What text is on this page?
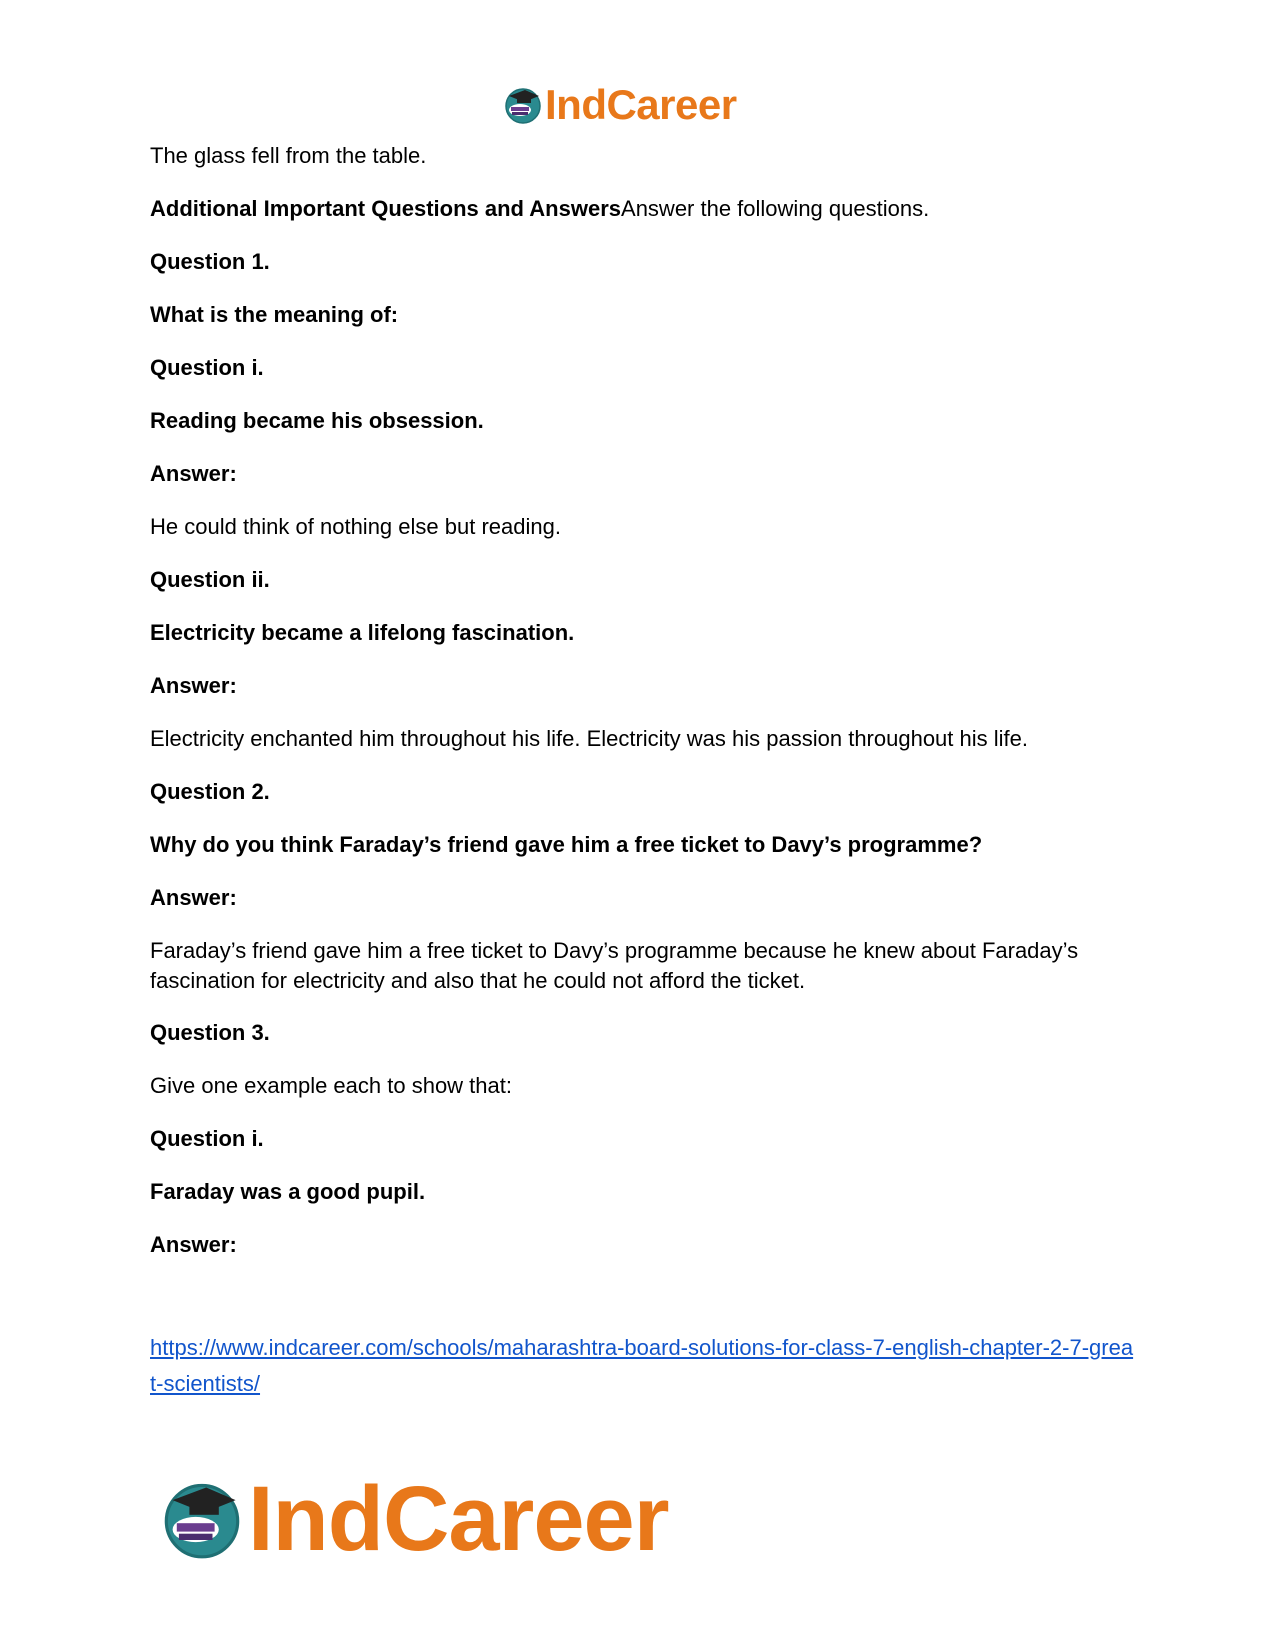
IndCareer
The glass fell from the table.
Additional Important Questions and AnswersAnswer the following questions.
Question 1.
What is the meaning of:
Question i.
Reading became his obsession.
Answer:
He could think of nothing else but reading.
Question ii.
Electricity became a lifelong fascination.
Answer:
Electricity enchanted him throughout his life. Electricity was his passion throughout his life.
Question 2.
Why do you think Faraday’s friend gave him a free ticket to Davy’s programme?
Answer:
Faraday’s friend gave him a free ticket to Davy’s programme because he knew about Faraday’s fascination for electricity and also that he could not afford the ticket.
Question 3.
Give one example each to show that:
Question i.
Faraday was a good pupil.
Answer:
https://www.indcareer.com/schools/maharashtra-board-solutions-for-class-7-english-chapter-2-7-great-scientists/
IndCareer
